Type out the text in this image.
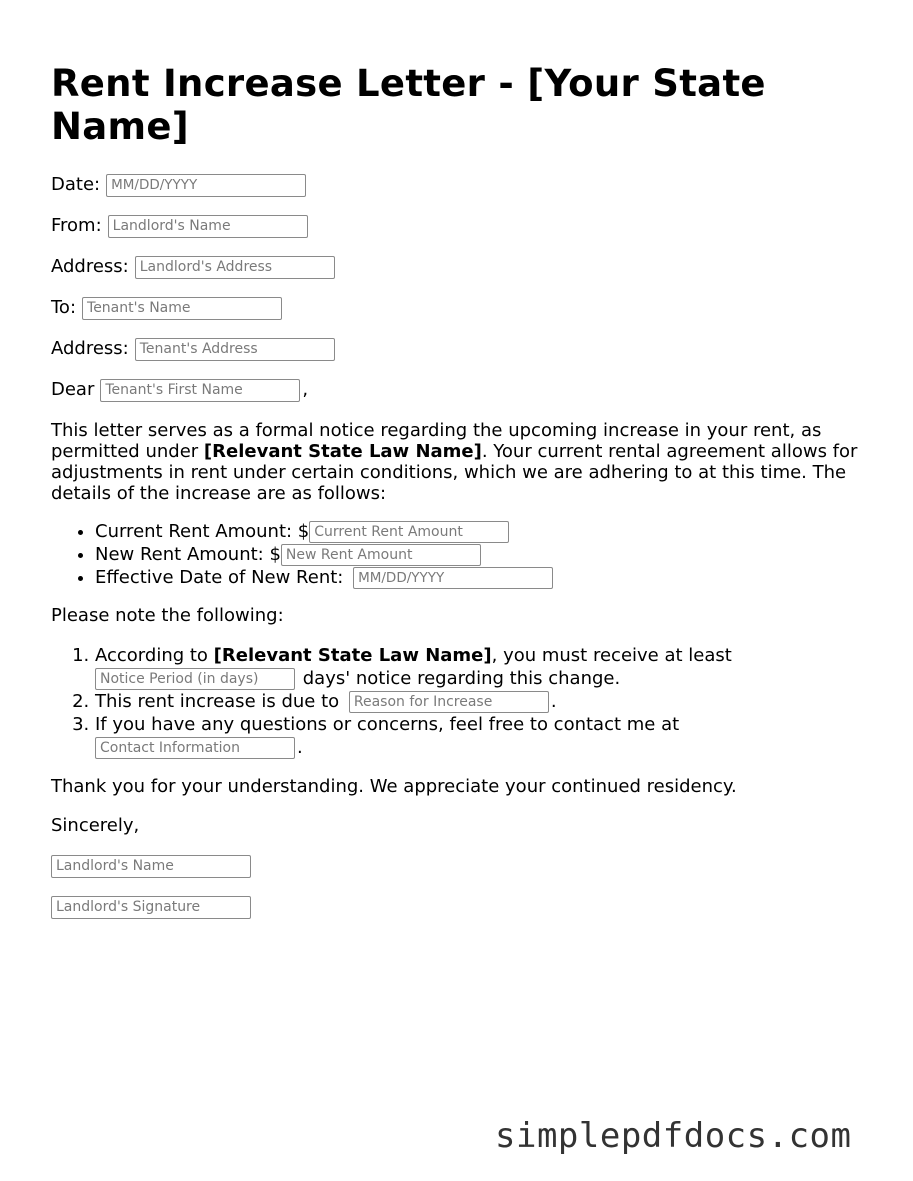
Rent Increase Letter - [Your State Name]
Date: MM/DD/YYYY
From: Landlord's Name
Address: Landlord's Address
To: Tenant's Name
Address: Tenant's Address
Dear Tenant's First Name	,

This letter serves as a formal notice regarding the upcoming increase in your rent, as permitted under [Relevant State Law Name]. Your current rental agreement allows for adjustments in rent under certain conditions, which we are adhering to at this time. The details of the increase are as follows:

• Current Rent Amount: $ Current Rent Amount
• New Rent Amount: $ New Rent Amount
• Effective Date of New Rent: MM/DD/YYYY

Please note the following:

1. According to [Relevant State Law Name], you must receive at least
Notice Period (in days) days' notice regarding this change.
2. This rent increase is due to Reason for Increase	.
3. If you have any questions or concerns, feel free to contact me at
Contact Information	.

Thank you for your understanding. We appreciate your continued residency.

Sincerely,

Landlord's Name
Landlord's Signature
simplepdfdocs.com
